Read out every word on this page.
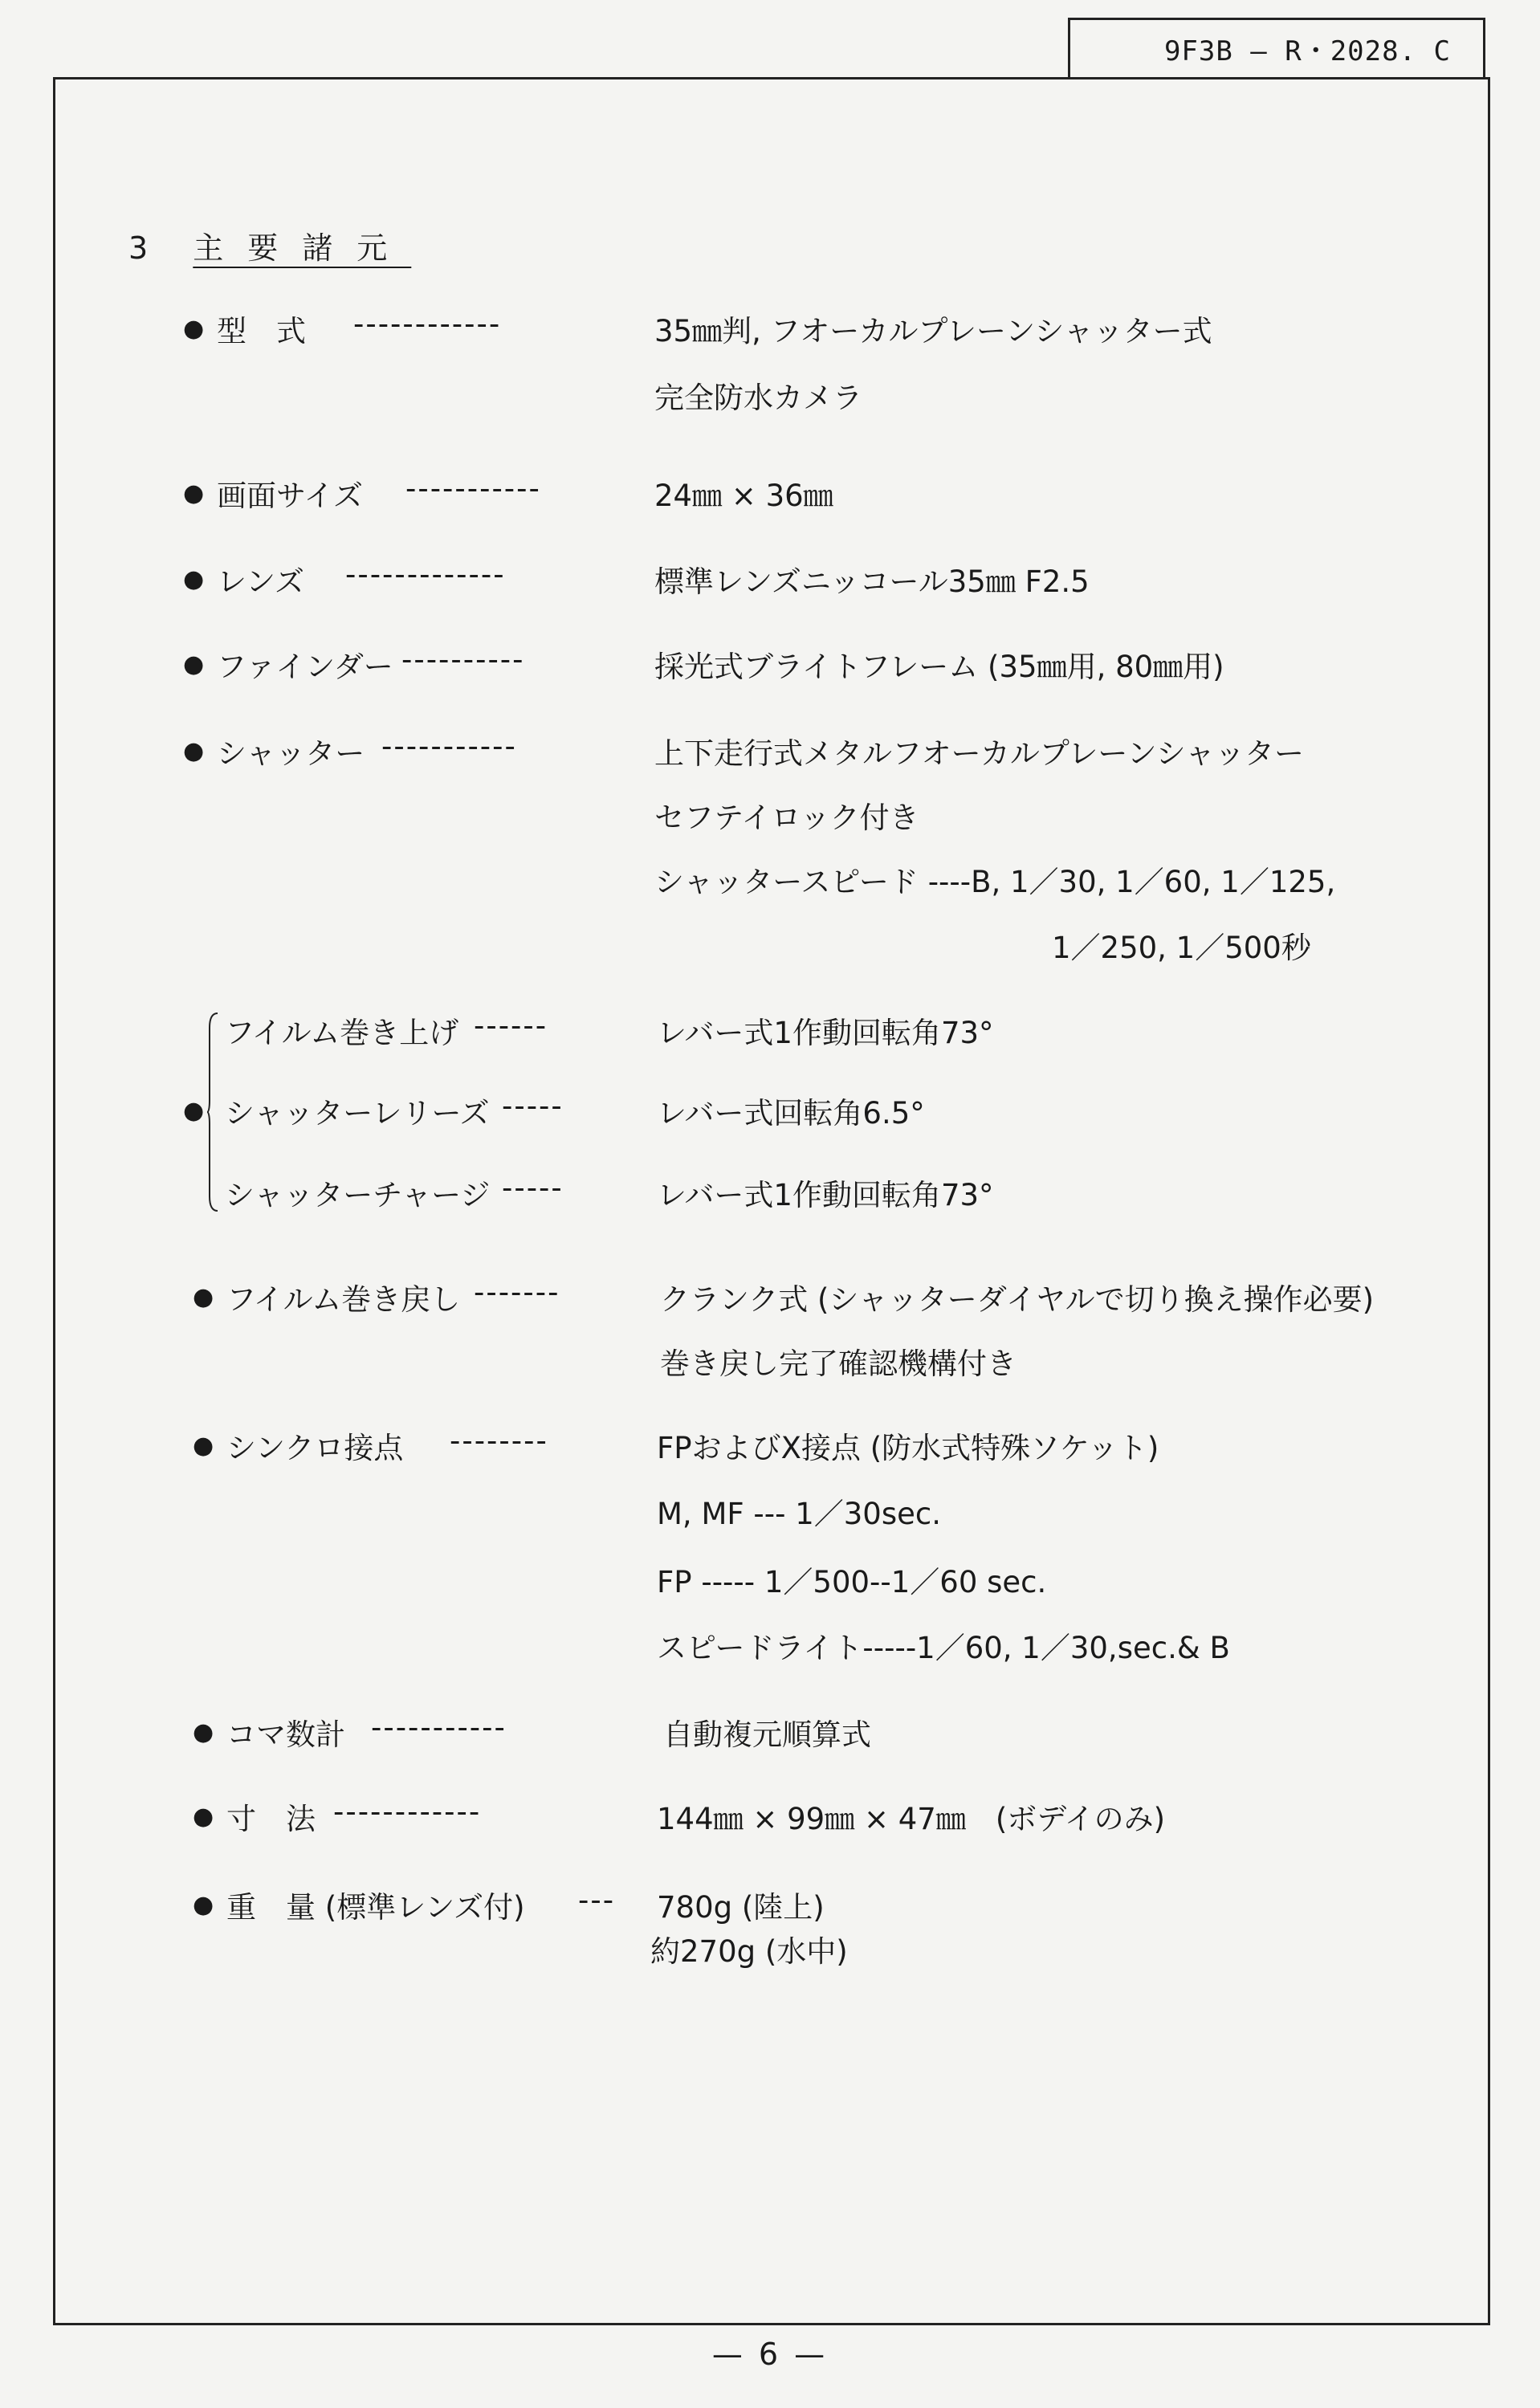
9F3B — R・2028. C
3 主要諸元
● 型　式 ------------	35㎜判, フオーカルプレーンシャッター式
完全防水カメラ
● 画面サイズ -----------	24㎜ × 36㎜
● レンズ -------------	標準レンズニッコール35㎜ F2.5
● ファインダー ----------	採光式ブライトフレーム (35㎜用, 80㎜用)
● シャッター -----------	上下走行式メタルフオーカルプレーンシャッター
セフテイロック付き
シャッタースピード ----B, 1／30, 1／60, 1／125,
1／250, 1／500秒
●
フイルム巻き上げ ------	レバー式1作動回転角73°
シャッターレリーズ -----	レバー式回転角6.5°
シャッターチャージ -----	レバー式1作動回転角73°
● フイルム巻き戻し -------	クランク式 (シャッターダイヤルで切り換え操作必要)
巻き戻し完了確認機構付き
● シンクロ接点 --------	FPおよびX接点 (防水式特殊ソケット)
M, MF --- 1／30sec.
FP ----- 1／500--1／60 sec.
スピードライト-----1／60, 1／30,sec.& B
● コマ数計 -----------	自動複元順算式
● 寸　法 ------------	144㎜ × 99㎜ × 47㎜　(ボデイのみ)
● 重　量 (標準レンズ付) ---	780g (陸上)
約270g (水中)
— 6 —
